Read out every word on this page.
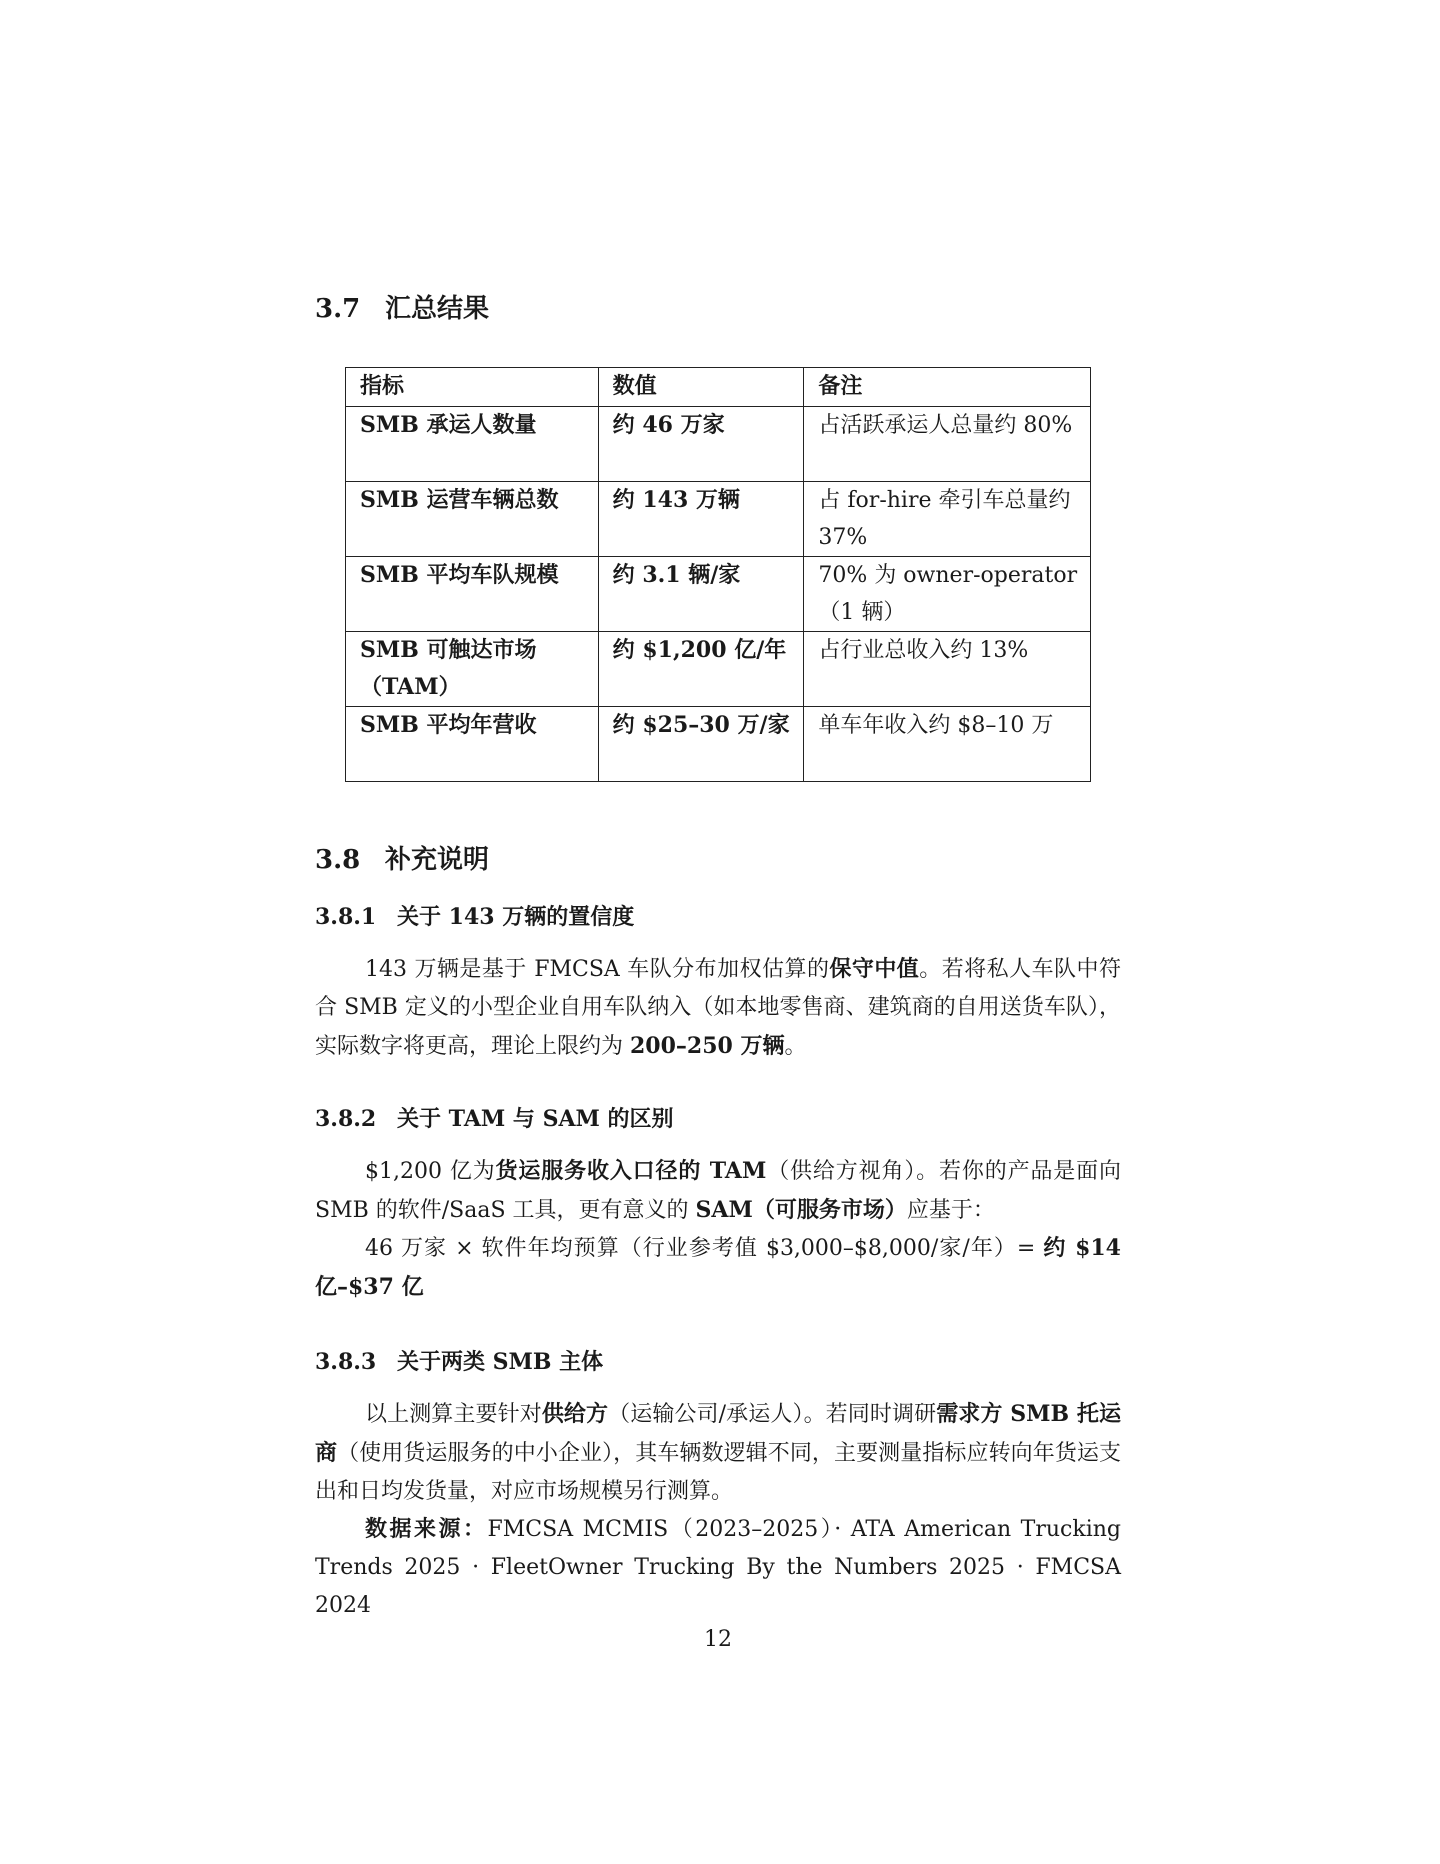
3.7 汇总结果
指标	数值	备注
SMB 承运人数量	约 46 万家	占活跃承运人总量约 80%
SMB 运营车辆总数	约 143 万辆	占 for-hire 牵引车总量约 37%
SMB 平均车队规模	约 3.1 辆/家	70% 为 owner-operator（1 辆）
SMB 可触达市场（TAM）	约 $1,200 亿/年	占行业总收入约 13%
SMB 平均年营收	约 $25–30 万/家	单车年收入约 $8–10 万
3.8 补充说明
3.8.1 关于 143 万辆的置信度

143 万辆是基于 FMCSA 车队分布加权估算的保守中值。若将私人车队中符合 SMB 定义的小型企业自用车队纳入（如本地零售商、建筑商的自用送货车队），实际数字将更高，理论上限约为 200–250 万辆。

3.8.2 关于 TAM 与 SAM 的区别

$1,200 亿为货运服务收入口径的 TAM（供给方视角）。若你的产品是面向 SMB 的软件/SaaS 工具，更有意义的 SAM（可服务市场）应基于：

46 万家 × 软件年均预算（行业参考值 $3,000–$8,000/家/年）= 约 $14 亿–$37 亿

3.8.3 关于两类 SMB 主体

以上测算主要针对供给方（运输公司/承运人）。若同时调研需求方 SMB 托运商（使用货运服务的中小企业），其车辆数逻辑不同，主要测量指标应转向年货运支出和日均发货量，对应市场规模另行测算。

数据来源：FMCSA MCMIS（2023–2025）· ATA American Trucking Trends 2025 · FleetOwner Trucking By the Numbers 2025 · FMCSA 2024

12
